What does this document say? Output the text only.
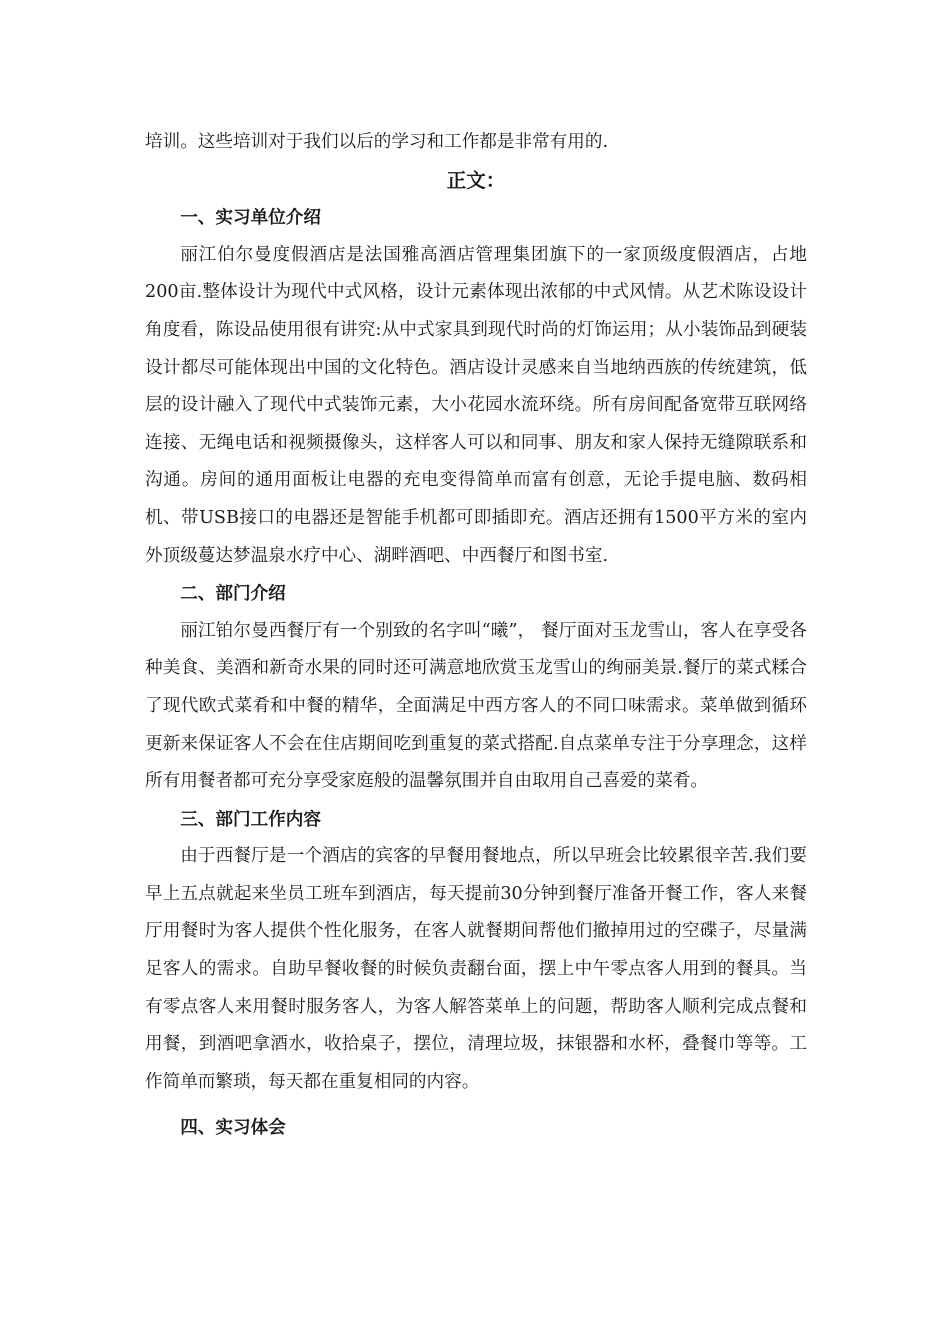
培训。这些培训对于我们以后的学习和工作都是非常有用的.

正文：

一、实习单位介绍

丽江伯尔曼度假酒店是法国雅高酒店管理集团旗下的一家顶级度假酒店，占地200亩.整体设计为现代中式风格，设计元素体现出浓郁的中式风情。从艺术陈设设计角度看，陈设品使用很有讲究:从中式家具到现代时尚的灯饰运用；从小装饰品到硬装设计都尽可能体现出中国的文化特色。酒店设计灵感来自当地纳西族的传统建筑，低层的设计融入了现代中式装饰元素，大小花园水流环绕。所有房间配备宽带互联网络连接、无绳电话和视频摄像头，这样客人可以和同事、朋友和家人保持无缝隙联系和沟通。房间的通用面板让电器的充电变得简单而富有创意，无论手提电脑、数码相机、带USB接口的电器还是智能手机都可即插即充。酒店还拥有1500平方米的室内外顶级蔓达梦温泉水疗中心、湖畔酒吧、中西餐厅和图书室.

二、部门介绍

丽江铂尔曼西餐厅有一个别致的名字叫“曦”， 餐厅面对玉龙雪山，客人在享受各种美食、美酒和新奇水果的同时还可满意地欣赏玉龙雪山的绚丽美景.餐厅的菜式糅合了现代欧式菜肴和中餐的精华，全面满足中西方客人的不同口味需求。菜单做到循环更新来保证客人不会在住店期间吃到重复的菜式搭配.自点菜单专注于分享理念，这样所有用餐者都可充分享受家庭般的温馨氛围并自由取用自己喜爱的菜肴。

三、部门工作内容

由于西餐厅是一个酒店的宾客的早餐用餐地点，所以早班会比较累很辛苦.我们要早上五点就起来坐员工班车到酒店，每天提前30分钟到餐厅准备开餐工作，客人来餐厅用餐时为客人提供个性化服务，在客人就餐期间帮他们撤掉用过的空碟子，尽量满足客人的需求。自助早餐收餐的时候负责翻台面，摆上中午零点客人用到的餐具。当有零点客人来用餐时服务客人，为客人解答菜单上的问题，帮助客人顺利完成点餐和用餐，到酒吧拿酒水，收拾桌子，摆位，清理垃圾，抹银器和水杯，叠餐巾等等。工作简单而繁琐，每天都在重复相同的内容。

四、实习体会
